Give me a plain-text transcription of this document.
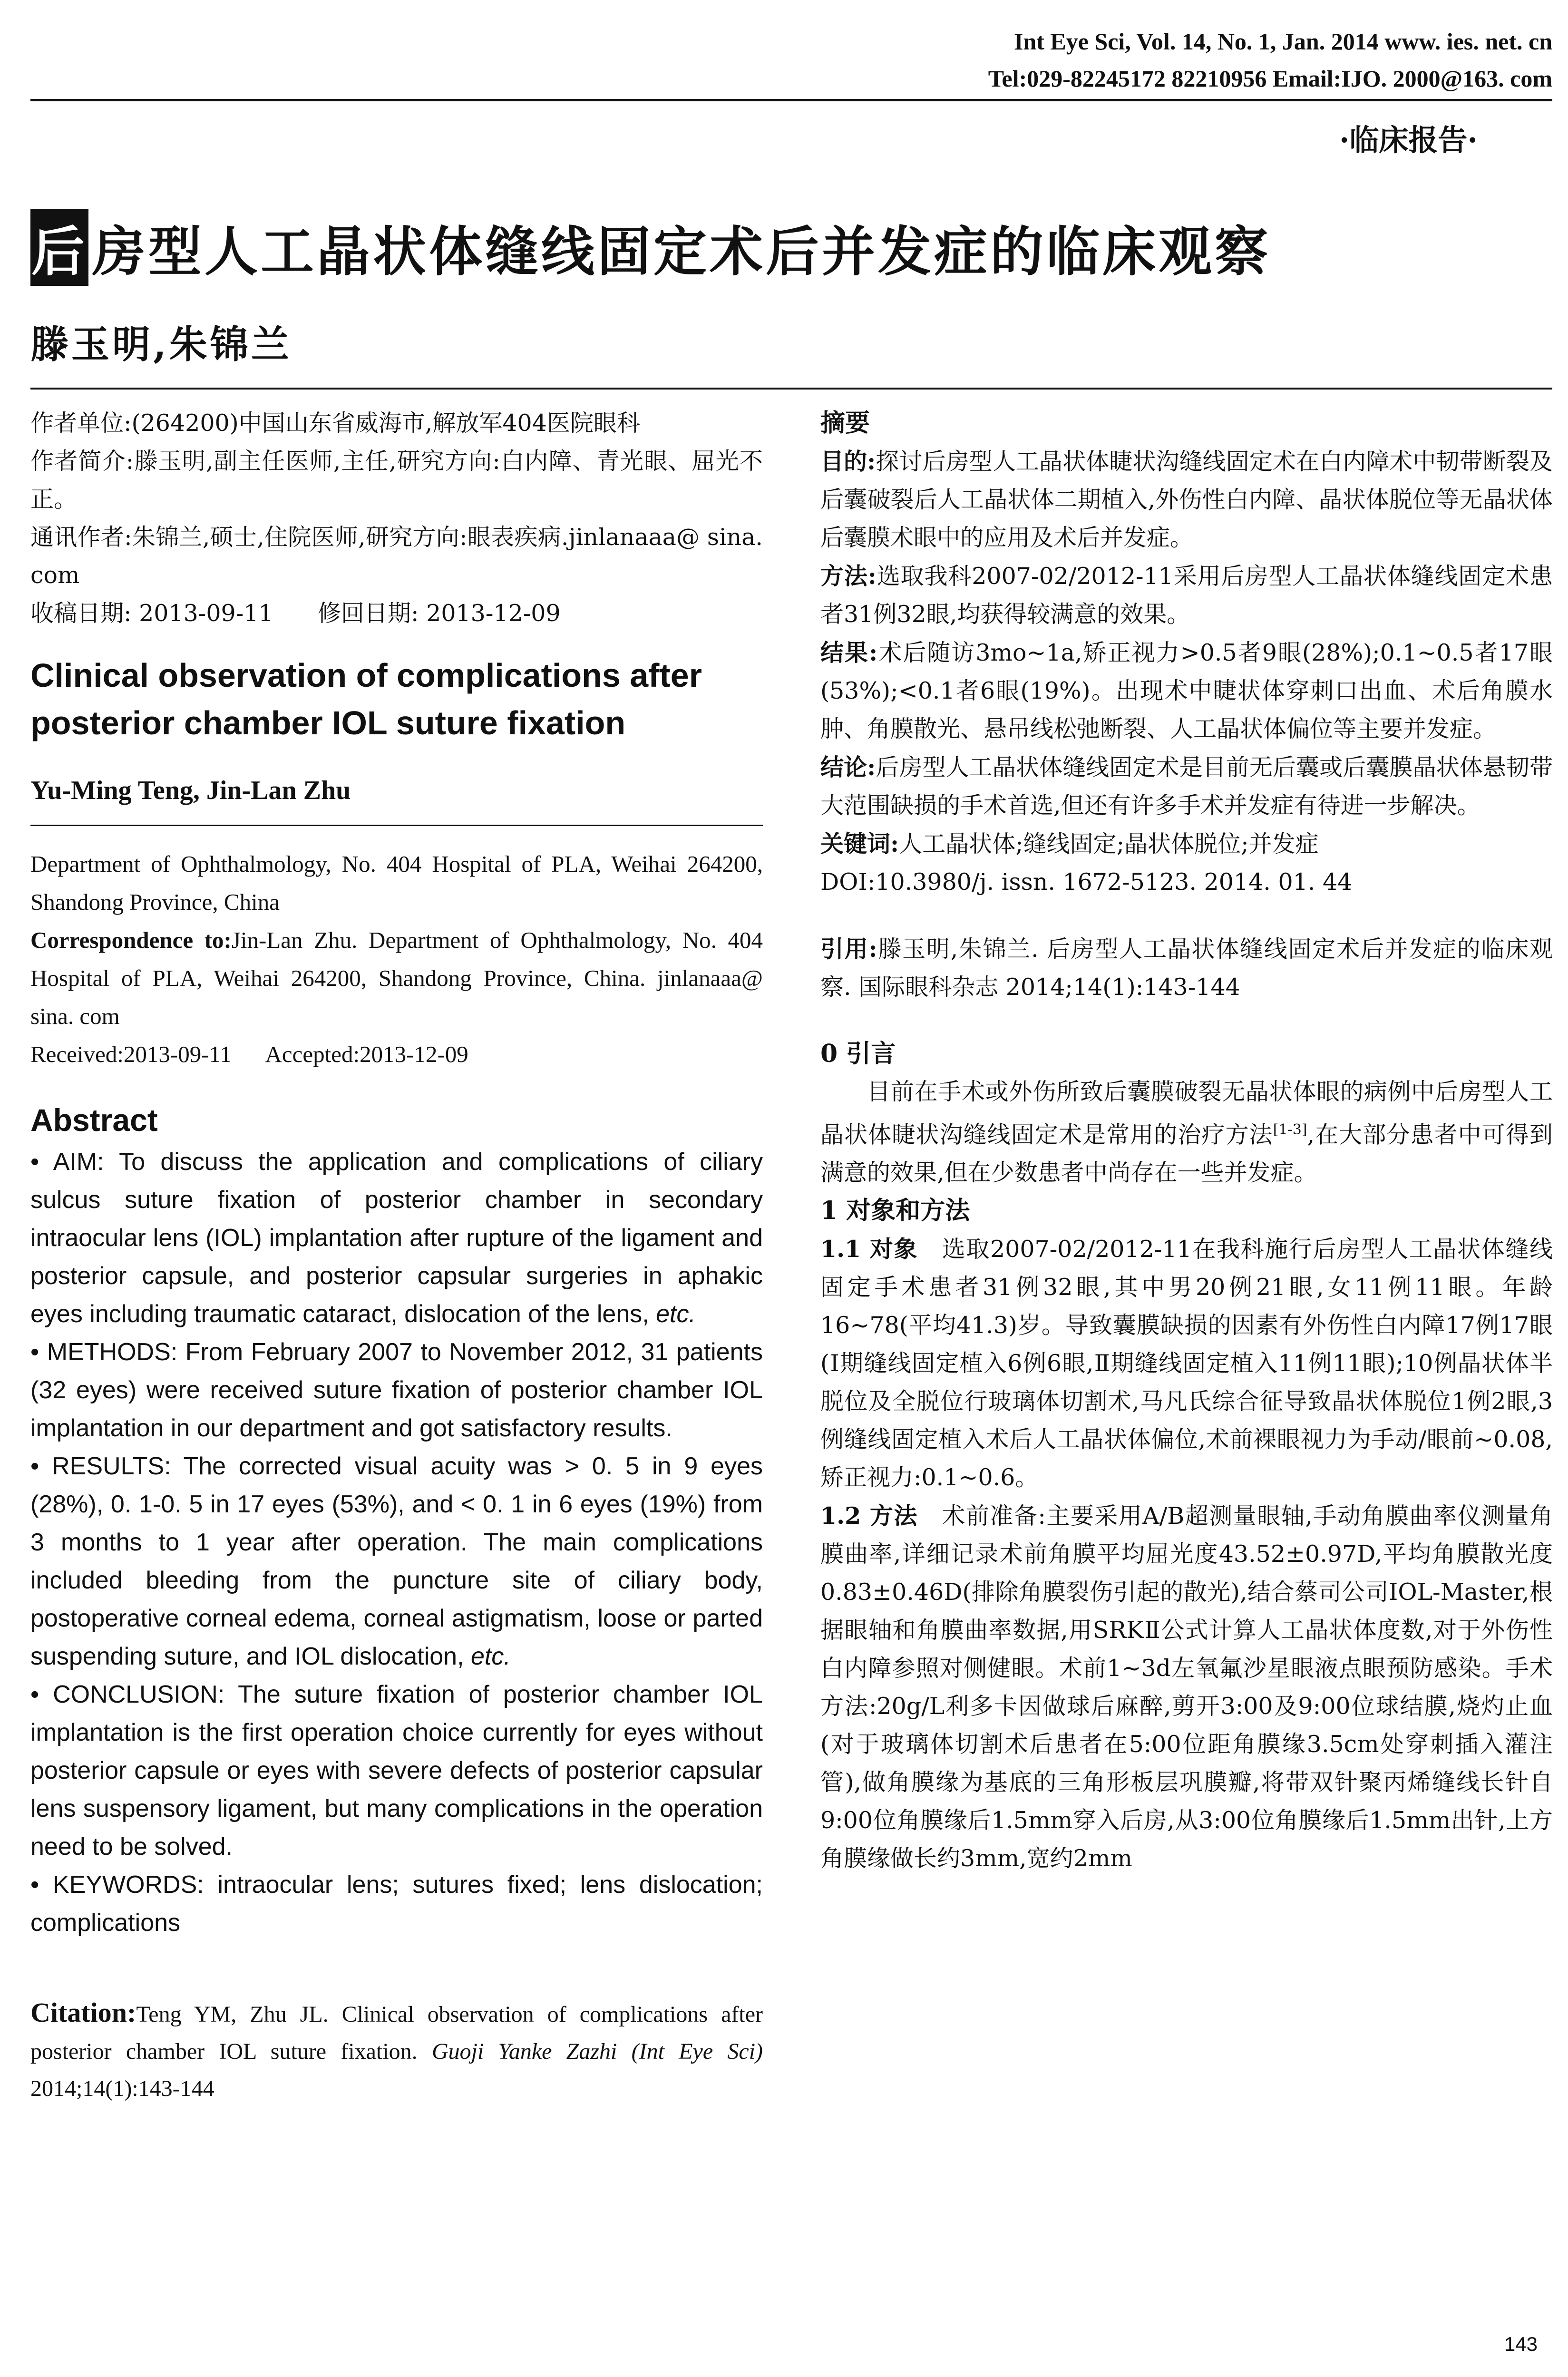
Int Eye Sci, Vol. 14, No. 1, Jan. 2014 www. ies. net. cn
Tel:029-82245172 82210956 Email:IJO. 2000@163. com
·临床报告·
后房型人工晶状体缝线固定术后并发症的临床观察
滕玉明,朱锦兰

作者单位:(264200)中国山东省威海市,解放军404医院眼科

作者简介:滕玉明,副主任医师,主任,研究方向:白内障、青光眼、屈光不正。

通讯作者:朱锦兰,硕士,住院医师,研究方向:眼表疾病.jinlanaaa@ sina. com

收稿日期: 2013-09-11      修回日期: 2013-12-09

Clinical observation of complications after posterior chamber IOL suture fixation
Yu-Ming Teng, Jin-Lan Zhu

Department of Ophthalmology, No. 404 Hospital of PLA, Weihai 264200, Shandong Province, China

Correspondence to:Jin-Lan Zhu. Department of Ophthalmology, No. 404 Hospital of PLA, Weihai 264200, Shandong Province, China. jinlanaaa@ sina. com

Received:2013-09-11      Accepted:2013-12-09

Abstract

• AIM: To discuss the application and complications of ciliary sulcus suture fixation of posterior chamber in secondary intraocular lens (IOL) implantation after rupture of the ligament and posterior capsule, and posterior capsular surgeries in aphakic eyes including traumatic cataract, dislocation of the lens, etc.

• METHODS: From February 2007 to November 2012, 31 patients (32 eyes) were received suture fixation of posterior chamber IOL implantation in our department and got satisfactory results.

• RESULTS: The corrected visual acuity was > 0. 5 in 9 eyes (28%), 0. 1-0. 5 in 17 eyes (53%), and < 0. 1 in 6 eyes (19%) from 3 months to 1 year after operation. The main complications included bleeding from the puncture site of ciliary body, postoperative corneal edema, corneal astigmatism, loose or parted suspending suture, and IOL dislocation, etc.

• CONCLUSION: The suture fixation of posterior chamber IOL implantation is the first operation choice currently for eyes without posterior capsule or eyes with severe defects of posterior capsular lens suspensory ligament, but many complications in the operation need to be solved.

• KEYWORDS: intraocular lens; sutures fixed; lens dislocation; complications

Citation:Teng YM, Zhu JL. Clinical observation of complications after posterior chamber IOL suture fixation. Guoji Yanke Zazhi (Int Eye Sci) 2014;14(1):143-144
摘要

目的:探讨后房型人工晶状体睫状沟缝线固定术在白内障术中韧带断裂及后囊破裂后人工晶状体二期植入,外伤性白内障、晶状体脱位等无晶状体后囊膜术眼中的应用及术后并发症。

方法:选取我科2007-02/2012-11采用后房型人工晶状体缝线固定术患者31例32眼,均获得较满意的效果。

结果:术后随访3mo~1a,矫正视力>0.5者9眼(28%);0.1~0.5者17眼(53%);<0.1者6眼(19%)。出现术中睫状体穿刺口出血、术后角膜水肿、角膜散光、悬吊线松弛断裂、人工晶状体偏位等主要并发症。

结论:后房型人工晶状体缝线固定术是目前无后囊或后囊膜晶状体悬韧带大范围缺损的手术首选,但还有许多手术并发症有待进一步解决。

关键词:人工晶状体;缝线固定;晶状体脱位;并发症

DOI:10.3980/j. issn. 1672-5123. 2014. 01. 44

引用:滕玉明,朱锦兰. 后房型人工晶状体缝线固定术后并发症的临床观察. 国际眼科杂志 2014;14(1):143-144

0 引言

目前在手术或外伤所致后囊膜破裂无晶状体眼的病例中后房型人工晶状体睫状沟缝线固定术是常用的治疗方法[1-3],在大部分患者中可得到满意的效果,但在少数患者中尚存在一些并发症。

1 对象和方法

1.1 对象　 选取2007-02/2012-11在我科施行后房型人工晶状体缝线固定手术患者31例32眼,其中男20例21眼,女11例11眼。年龄16~78(平均41.3)岁。导致囊膜缺损的因素有外伤性白内障17例17眼(Ⅰ期缝线固定植入6例6眼,Ⅱ期缝线固定植入11例11眼);10例晶状体半脱位及全脱位行玻璃体切割术,马凡氏综合征导致晶状体脱位1例2眼,3例缝线固定植入术后人工晶状体偏位,术前裸眼视力为手动/眼前~0.08,矫正视力:0.1~0.6。

1.2 方法　 术前准备:主要采用A/B超测量眼轴,手动角膜曲率仪测量角膜曲率,详细记录术前角膜平均屈光度43.52±0.97D,平均角膜散光度0.83±0.46D(排除角膜裂伤引起的散光),结合蔡司公司IOL-Master,根据眼轴和角膜曲率数据,用SRKⅡ公式计算人工晶状体度数,对于外伤性白内障参照对侧健眼。术前1~3d左氧氟沙星眼液点眼预防感染。手术方法:20g/L利多卡因做球后麻醉,剪开3:00及9:00位球结膜,烧灼止血(对于玻璃体切割术后患者在5:00位距角膜缘3.5cm处穿刺插入灌注管),做角膜缘为基底的三角形板层巩膜瓣,将带双针聚丙烯缝线长针自9:00位角膜缘后1.5mm穿入后房,从3:00位角膜缘后1.5mm出针,上方角膜缘做长约3mm,宽约2mm

143
